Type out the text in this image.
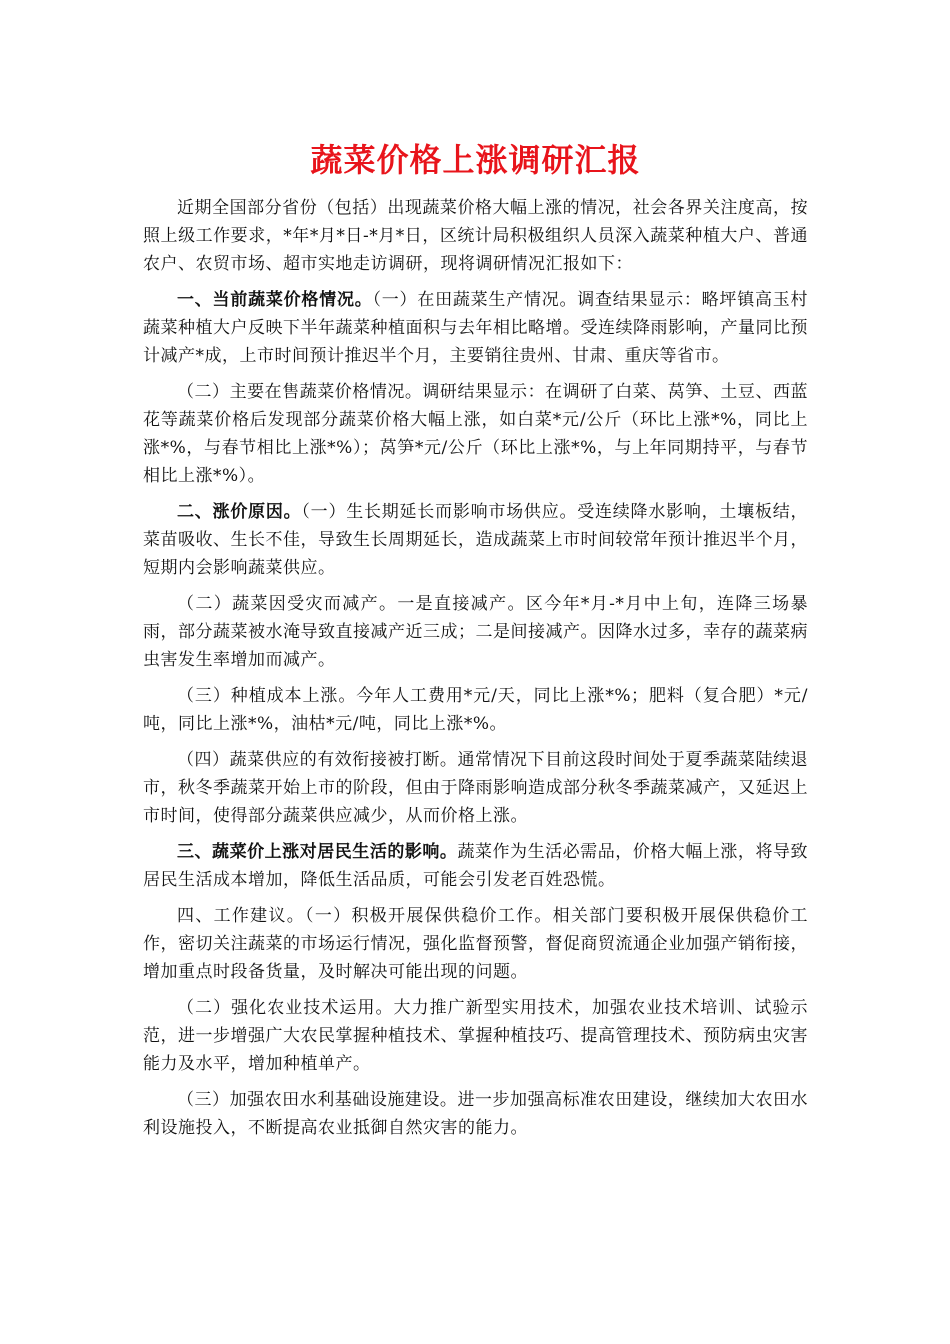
蔬菜价格上涨调研汇报

近期全国部分省份（包括）出现蔬菜价格大幅上涨的情况，社会各界关注度高，按照上级工作要求，*年*月*日-*月*日，区统计局积极组织人员深入蔬菜种植大户、普通农户、农贸市场、超市实地走访调研，现将调研情况汇报如下：

一、当前蔬菜价格情况。（一）在田蔬菜生产情况。调查结果显示：略坪镇高玉村蔬菜种植大户反映下半年蔬菜种植面积与去年相比略增。受连续降雨影响，产量同比预计减产*成，上市时间预计推迟半个月，主要销往贵州、甘肃、重庆等省市。

（二）主要在售蔬菜价格情况。调研结果显示：在调研了白菜、莴笋、土豆、西蓝花等蔬菜价格后发现部分蔬菜价格大幅上涨，如白菜*元/公斤（环比上涨*%，同比上涨*%，与春节相比上涨*%）；莴笋*元/公斤（环比上涨*%，与上年同期持平，与春节相比上涨*%）。

二、涨价原因。（一）生长期延长而影响市场供应。受连续降水影响，土壤板结，菜苗吸收、生长不佳，导致生长周期延长，造成蔬菜上市时间较常年预计推迟半个月，短期内会影响蔬菜供应。

（二）蔬菜因受灾而减产。一是直接减产。区今年*月-*月中上旬，连降三场暴雨，部分蔬菜被水淹导致直接减产近三成；二是间接减产。因降水过多，幸存的蔬菜病虫害发生率增加而减产。

（三）种植成本上涨。今年人工费用*元/天，同比上涨*%；肥料（复合肥）*元/吨，同比上涨*%，油枯*元/吨，同比上涨*%。

（四）蔬菜供应的有效衔接被打断。通常情况下目前这段时间处于夏季蔬菜陆续退市，秋冬季蔬菜开始上市的阶段，但由于降雨影响造成部分秋冬季蔬菜减产，又延迟上市时间，使得部分蔬菜供应减少，从而价格上涨。

三、蔬菜价上涨对居民生活的影响。蔬菜作为生活必需品，价格大幅上涨，将导致居民生活成本增加，降低生活品质，可能会引发老百姓恐慌。

四、工作建议。（一）积极开展保供稳价工作。相关部门要积极开展保供稳价工作，密切关注蔬菜的市场运行情况，强化监督预警，督促商贸流通企业加强产销衔接，增加重点时段备货量，及时解决可能出现的问题。

（二）强化农业技术运用。大力推广新型实用技术，加强农业技术培训、试验示范，进一步增强广大农民掌握种植技术、掌握种植技巧、提高管理技术、预防病虫灾害能力及水平，增加种植单产。

（三）加强农田水利基础设施建设。进一步加强高标准农田建设，继续加大农田水利设施投入，不断提高农业抵御自然灾害的能力。
